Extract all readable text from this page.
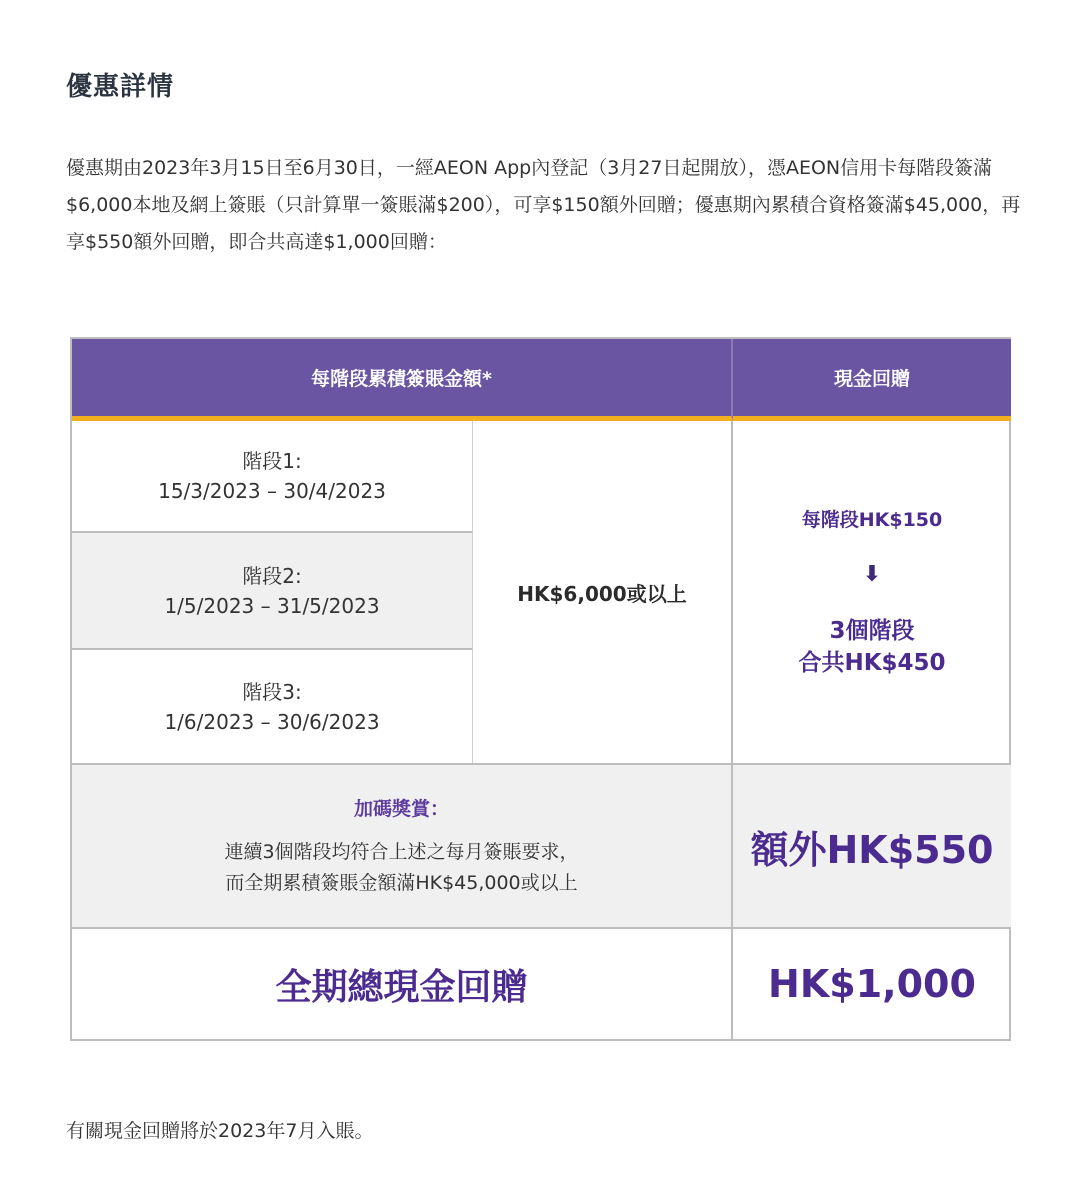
優惠詳情

優惠期由2023年3月15日至6月30日，一經AEON App內登記（3月27日起開放），憑AEON信用卡每階段簽滿$6,000本地及網上簽賬（只計算單一簽賬滿$200），可享$150額外回贈；優惠期內累積合資格簽滿$45,000，再享$550額外回贈，即合共高達$1,000回贈：

每階段累積簽賬金額*	現金回贈
階段1:
15/3/2023 – 30/4/2023
階段2:
1/5/2023 – 31/5/2023
階段3:
1/6/2023 – 30/6/2023
HK$6,000或以上
每階段HK$150
⬇
3個階段
合共HK$450
加碼獎賞：
連續3個階段均符合上述之每月簽賬要求，
而全期累積簽賬金額滿HK$45,000或以上
額外HK$550
全期總現金回贈	HK$1,000
有關現金回贈將於2023年7月入賬。
